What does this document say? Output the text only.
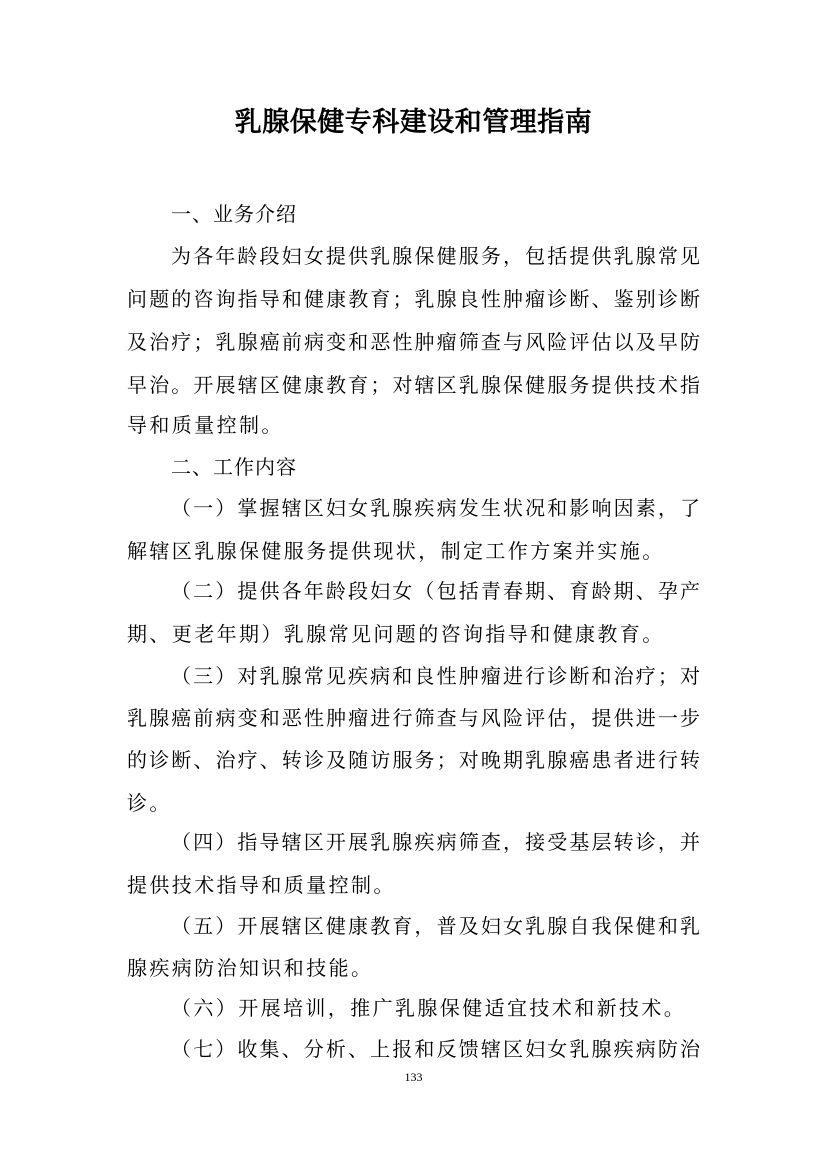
乳腺保健专科建设和管理指南
一、业务介绍
为各年龄段妇女提供乳腺保健服务，包括提供乳腺常见
问题的咨询指导和健康教育；乳腺良性肿瘤诊断、鉴别诊断
及治疗；乳腺癌前病变和恶性肿瘤筛查与风险评估以及早防
早治。开展辖区健康教育；对辖区乳腺保健服务提供技术指
导和质量控制。
二、工作内容
（一）掌握辖区妇女乳腺疾病发生状况和影响因素，了
解辖区乳腺保健服务提供现状，制定工作方案并实施。
（二）提供各年龄段妇女（包括青春期、育龄期、孕产
期、更老年期）乳腺常见问题的咨询指导和健康教育。
（三）对乳腺常见疾病和良性肿瘤进行诊断和治疗；对
乳腺癌前病变和恶性肿瘤进行筛查与风险评估，提供进一步
的诊断、治疗、转诊及随访服务；对晚期乳腺癌患者进行转
诊。
（四）指导辖区开展乳腺疾病筛查，接受基层转诊，并
提供技术指导和质量控制。
（五）开展辖区健康教育，普及妇女乳腺自我保健和乳
腺疾病防治知识和技能。
（六）开展培训，推广乳腺保健适宜技术和新技术。
（七）收集、分析、上报和反馈辖区妇女乳腺疾病防治
133
